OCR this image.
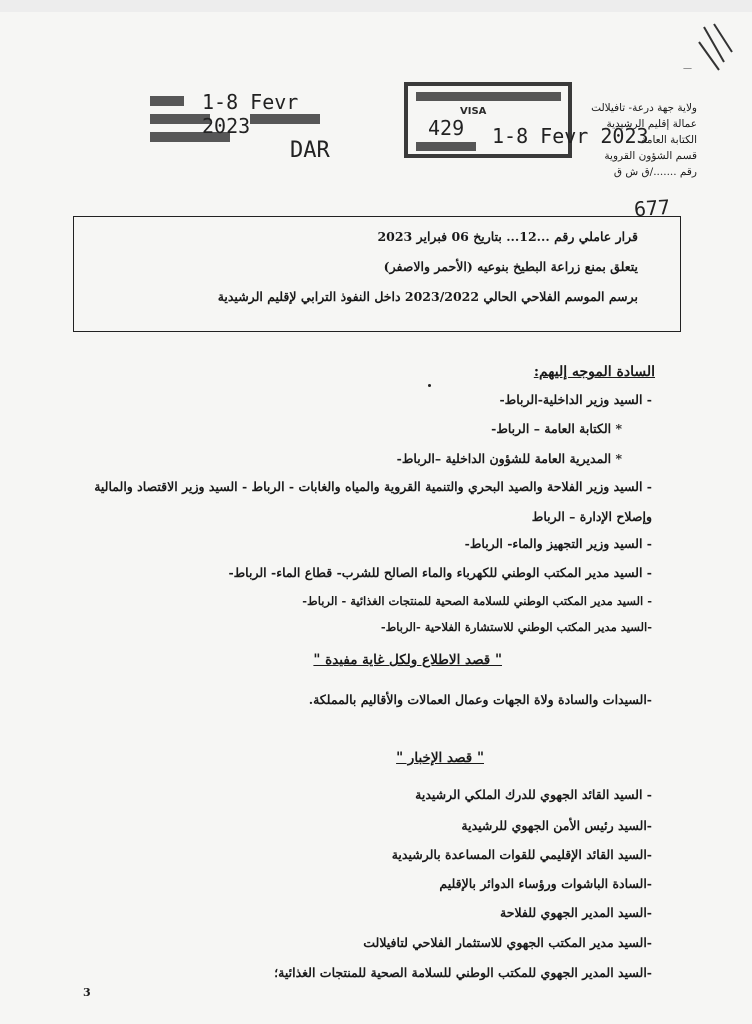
1-8 Fevr 2023
DAR
VISA
429 1-8 Fevr 2023
—
ولاية جهة درعة- تافيلالت
عمالة إقليم الرشيدية
الكتابة العامة
قسم الشؤون القروية
رقم ......./ق ش ق
677
قرار عاملي رقم ...12... بتاريخ 06 فبراير 2023
يتعلق بمنع زراعة البطيخ بنوعيه (الأحمر والاصفر)
برسم الموسم الفلاحي الحالي 2023/2022 داخل النفوذ الترابي لإقليم الرشيدية
السادة الموجه إليهم:
- السيد وزير الداخلية-الرباط-
* الكتابة العامة – الرباط-
* المديرية العامة للشؤون الداخلية –الرباط-
- السيد وزير الفلاحة والصيد البحري والتنمية القروية والمياه والغابات - الرباط - السيد وزير الاقتصاد والمالية وإصلاح الإدارة – الرباط
- السيد وزير التجهيز والماء- الرباط-
- السيد مدير المكتب الوطني للكهرباء والماء الصالح للشرب- قطاع الماء- الرباط-
- السيد مدير المكتب الوطني للسلامة الصحية للمنتجات الغذائية - الرباط-
-السيد مدير المكتب الوطني للاستشارة الفلاحية -الرباط-
" قصد الاطلاع ولكل غاية مفيدة "
-السيدات والسادة ولاة الجهات وعمال العمالات والأقاليم بالمملكة.
" قصد الإخبار "
- السيد القائد الجهوي للدرك الملكي الرشيدية
-السيد رئيس الأمن الجهوي للرشيدية
-السيد القائد الإقليمي للقوات المساعدة بالرشيدية
-السادة الباشوات ورؤساء الدوائر بالإقليم
-السيد المدير الجهوي للفلاحة
-السيد مدير المكتب الجهوي للاستثمار الفلاحي لتافيلالت
-السيد المدير الجهوي للمكتب الوطني للسلامة الصحية للمنتجات الغذائية؛
3
